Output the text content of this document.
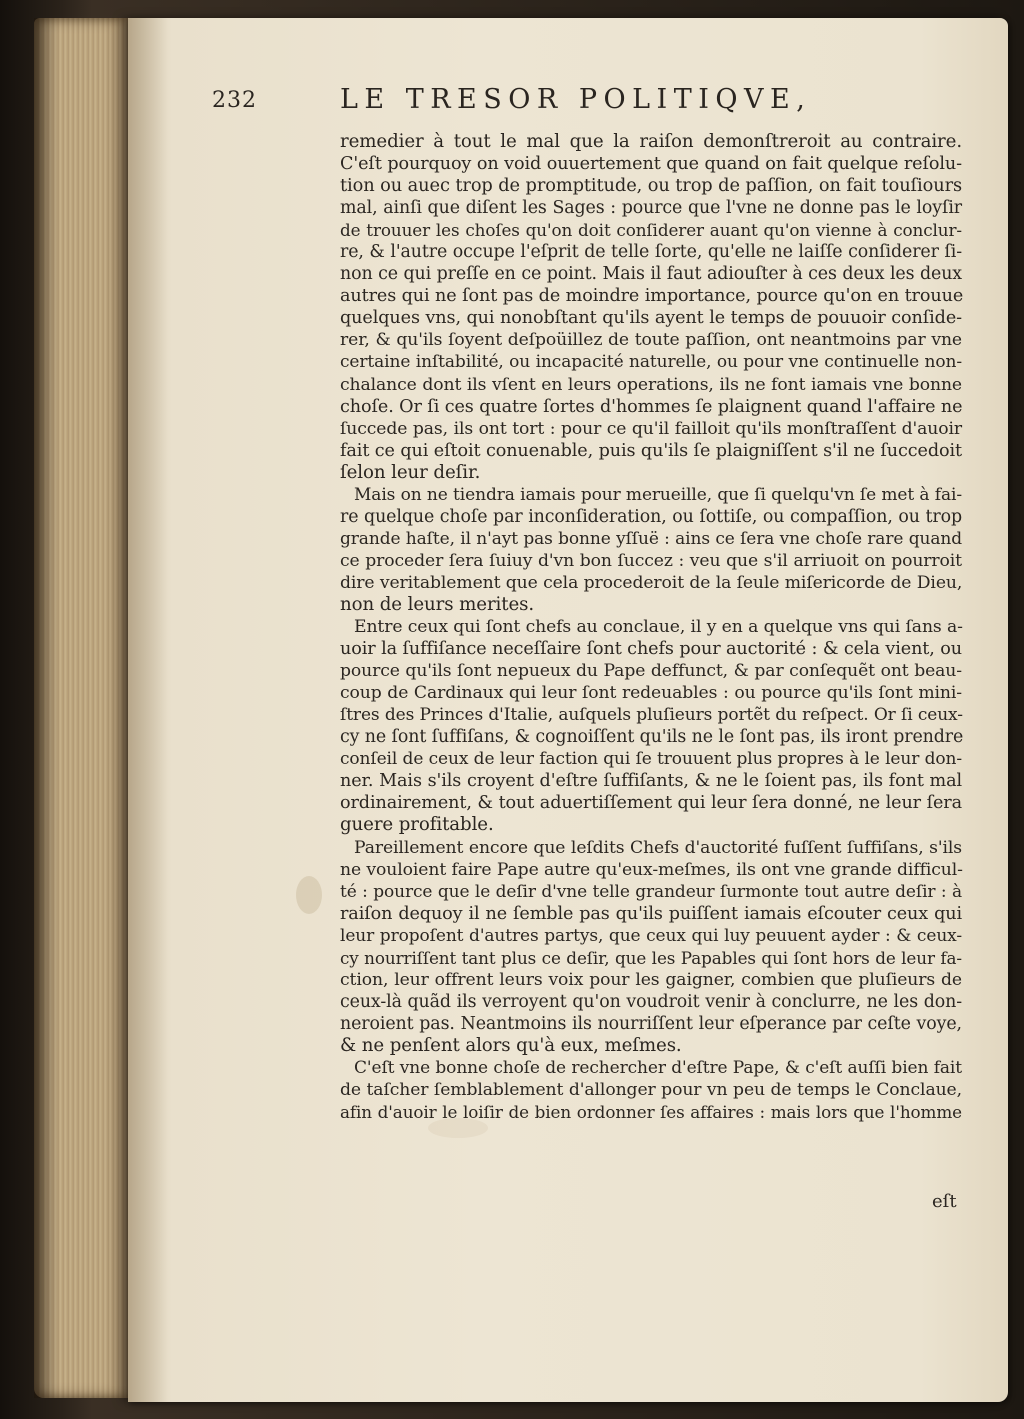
232	LE TRESOR POLITIQVE,
remedier à tout le mal que la raiſon demonſtreroit au contraire.
C'eſt pourquoy on void ouuertement que quand on fait quelque reſolu-
tion ou auec trop de promptitude, ou trop de paſſion, on fait touſiours
mal, ainſi que diſent les Sages : pource que l'vne ne donne pas le loyſir
de trouuer les choſes qu'on doit conſiderer auant qu'on vienne à conclur-
re, & l'autre occupe l'eſprit de telle ſorte, qu'elle ne laiſſe conſiderer ſi-
non ce qui preſſe en ce point. Mais il faut adiouſter à ces deux les deux
autres qui ne ſont pas de moindre importance, pource qu'on en trouue
quelques vns, qui nonobſtant qu'ils ayent le temps de pouuoir conſide-
rer, & qu'ils ſoyent deſpoüillez de toute paſſion, ont neantmoins par vne
certaine inſtabilité, ou incapacité naturelle, ou pour vne continuelle non-
chalance dont ils vſent en leurs operations, ils ne font iamais vne bonne
choſe. Or ſi ces quatre ſortes d'hommes ſe plaignent quand l'affaire ne
ſuccede pas, ils ont tort : pour ce qu'il failloit qu'ils monſtraſſent d'auoir
fait ce qui eſtoit conuenable, puis qu'ils ſe plaigniſſent s'il ne ſuccedoit
ſelon leur deſir.
Mais on ne tiendra iamais pour merueille, que ſi quelqu'vn ſe met à fai-
re quelque choſe par inconſideration, ou ſottiſe, ou compaſſion, ou trop
grande haſte, il n'ayt pas bonne yſſuë : ains ce ſera vne choſe rare quand
ce proceder ſera ſuiuy d'vn bon ſuccez : veu que s'il arriuoit on pourroit
dire veritablement que cela procederoit de la ſeule miſericorde de Dieu,
non de leurs merites.
Entre ceux qui ſont chefs au conclaue, il y en a quelque vns qui ſans a-
uoir la ſuffiſance neceſſaire ſont chefs pour auctorité : & cela vient, ou
pource qu'ils ſont nepueux du Pape deffunct, & par conſequẽt ont beau-
coup de Cardinaux qui leur ſont redeuables : ou pource qu'ils ſont mini-
ſtres des Princes d'Italie, auſquels pluſieurs portẽt du reſpect. Or ſi ceux-
cy ne ſont ſuffiſans, & cognoiſſent qu'ils ne le ſont pas, ils iront prendre
conſeil de ceux de leur faction qui ſe trouuent plus propres à le leur don-
ner. Mais s'ils croyent d'eſtre ſuffiſants, & ne le ſoient pas, ils font mal
ordinairement, & tout aduertiſſement qui leur ſera donné, ne leur ſera
guere profitable.
Pareillement encore que leſdits Chefs d'auctorité fuſſent ſuffiſans, s'ils
ne vouloient faire Pape autre qu'eux-meſmes, ils ont vne grande difficul-
té : pource que le deſir d'vne telle grandeur ſurmonte tout autre deſir : à
raiſon dequoy il ne ſemble pas qu'ils puiſſent iamais eſcouter ceux qui
leur propoſent d'autres partys, que ceux qui luy peuuent ayder : & ceux-
cy nourriſſent tant plus ce deſir, que les Papables qui ſont hors de leur fa-
ction, leur offrent leurs voix pour les gaigner, combien que pluſieurs de
ceux-là quãd ils verroyent qu'on voudroit venir à conclurre, ne les don-
neroient pas. Neantmoins ils nourriſſent leur eſperance par ceſte voye,
& ne penſent alors qu'à eux, meſmes.
C'eſt vne bonne choſe de rechercher d'eſtre Pape, & c'eſt auſſi bien fait
de taſcher ſemblablement d'allonger pour vn peu de temps le Conclaue,
afin d'auoir le loiſir de bien ordonner ſes affaires : mais lors que l'homme
eſt
